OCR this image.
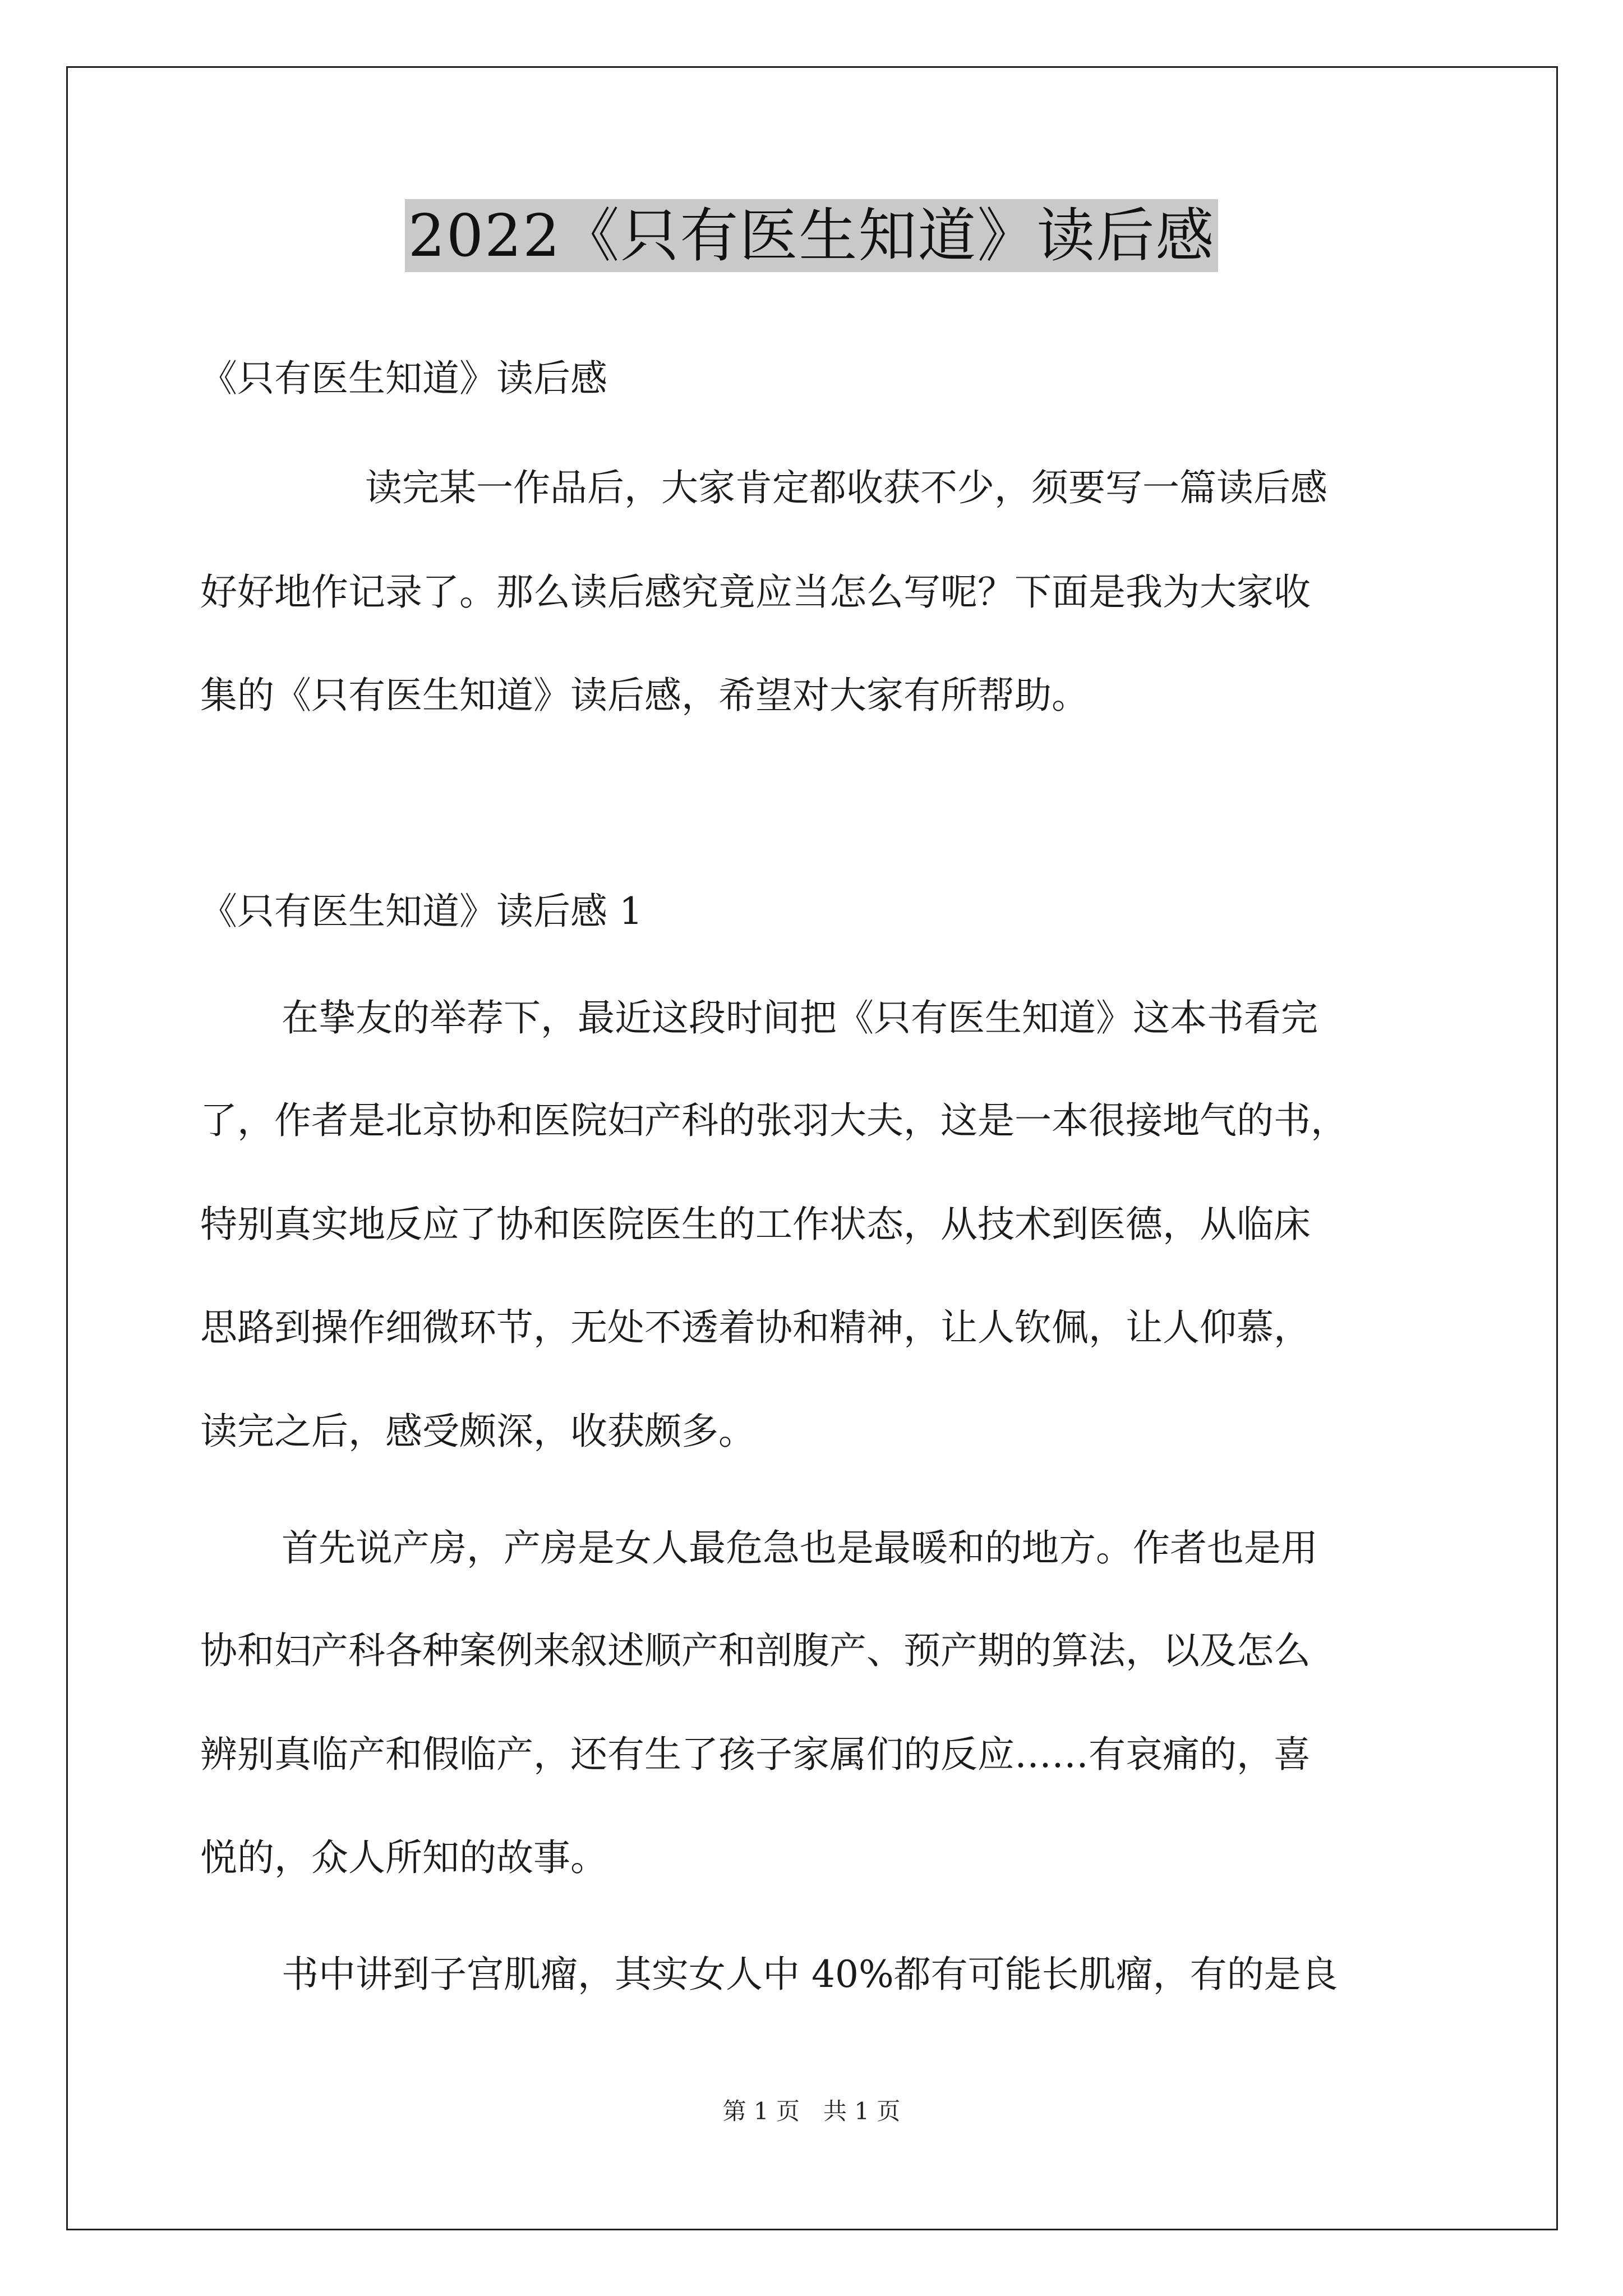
2022《只有医生知道》读后感
《只有医生知道》读后感
读完某一作品后，大家肯定都收获不少，须要写一篇读后感
好好地作记录了。那么读后感究竟应当怎么写呢？下面是我为大家收
集的《只有医生知道》读后感，希望对大家有所帮助。
《只有医生知道》读后感 1
在挚友的举荐下，最近这段时间把《只有医生知道》这本书看完
了，作者是北京协和医院妇产科的张羽大夫，这是一本很接地气的书，
特别真实地反应了协和医院医生的工作状态，从技术到医德，从临床
思路到操作细微环节，无处不透着协和精神，让人钦佩，让人仰慕，
读完之后，感受颇深，收获颇多。
首先说产房，产房是女人最危急也是最暖和的地方。作者也是用
协和妇产科各种案例来叙述顺产和剖腹产、预产期的算法，以及怎么
辨别真临产和假临产，还有生了孩子家属们的反应……有哀痛的，喜
悦的，众人所知的故事。
书中讲到子宫肌瘤，其实女人中 40%都有可能长肌瘤，有的是良
第 1 页　共 1 页
